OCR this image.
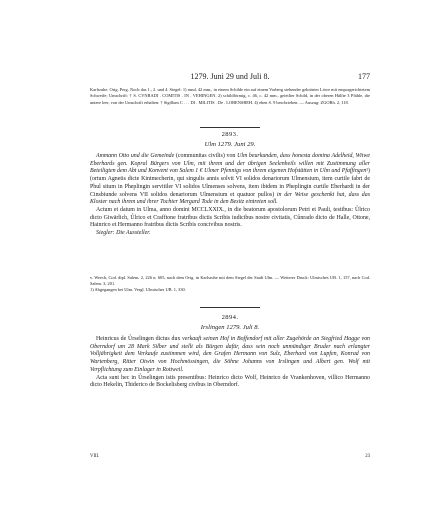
1279. Juni 29 und Juli 8.	177
Karlsruhe. Orig. Perg. Noch das 1., 2. und 4. Siegel: 1) rund, 42 mm., in einem Schilde ein auf einem Vorberg stehender gekrönter Löwe mit emporgerichtetem Schweife; Umschrift: † S. CVNRADI . COMITIS . IN . VEHINGEN. 2) schildförmig, c. 46, c. 42 mm., geteilter Schild, in der oberen Hälfte 3 Pfähle, die untere leer, von der Umschrift erhalten: † Sigillum C . . . DI . MILITIS . De . LOBENSBEH. 4) eben S. 9 beschrieben. — Auszug: ZGORh. 2, 118.
2893.
Ulm 1279. Juni 29.

Ammann Otto und die Gemeinde (communitas civilis) von Ulm beurkunden, dass honesta domina Adelheid, Witwe Eberhards gen. Kopral Bürgers von Ulm, mit ihrem und der übrigen Seelenheils willen mit Zustimmung aller Beteiligten dem Abt und Konvent von Salem 1 € Ulmer Pfennigs von ihrem eigenen Hofstätten in Ulm und Pfaffingen¹) (ortum Agnetis dicte Kintmecherin, qui singulis annis solvit VI solidos denariorum Ulmensium, item curtile fabri de Phul situm in Pheplingin servitiler VI solidos Ulmenses solvens, item ibidem in Pheplingin curtile Eberhardi in der Cinsbiunde solvens VII solidos denariorum Ulmensium et quatuor pullos) in der Weise geschenkt hat, dass das Kloster nach ihrem und ihrer Tochter Mergard Tode in den Besitz eintreten soll.

Actum et datum in Ulma, anno domini MCCLXXIX., in die beatorum apostolorum Petri et Pauli, testibus: Ůlrico dicto Giwärlich, Ůlrico et Crafftone fratribus dictis Scribis iudicibus nostre civitatis, Cůnrado dicto de Halle, Ottone, Hainrico et Hermanno fratribus dictis Scribis concivibus nostris.

Siegler: Die Aussteller.

v. Weech, Cod. dipl. Salem. 2, 226 n. 605, nach dem Orig. in Karlsruhe mit dem Siegel der Stadt Ulm. — Weiterer Druck: Ulmisches UB. 1, 157, nach Cod. Salem. 3, 201.

1) Abgegangen bei Ulm. Vergl. Ulmisches UB. 1, 330.

2894.
Irslingen 1279. Juli 8.

Heinricus de Ůrselingen dictus dux verkauft seinen Hof in Boffendorf mit aller Zugehörde an Siegfried Hagge von Oberndorf um 28 Mark Silber und stellt als Bürgen dafür, dass sein noch unmündiger Bruder nach erlangter Volljährigkeit dem Verkaufe zustimmen wird, den Grafen Hermann von Sulz, Eberhard von Lupfen, Konrad von Wartenberg, Ritter Otwin von Hochmössingen, die Söhne Johanns von Irslingen und Albert gen. Wolf mit Verpflichtung zum Einlager in Rottweil.

Acta sunt hec in Ůrselingen istis presentibus: Heinrico dicto Wolf, Heinrico de Vrankenhoven, villico Hermanno dicto Hekelin, Thiderico de Bockelisberg civibus in Oberndorf.

VIII.	23
